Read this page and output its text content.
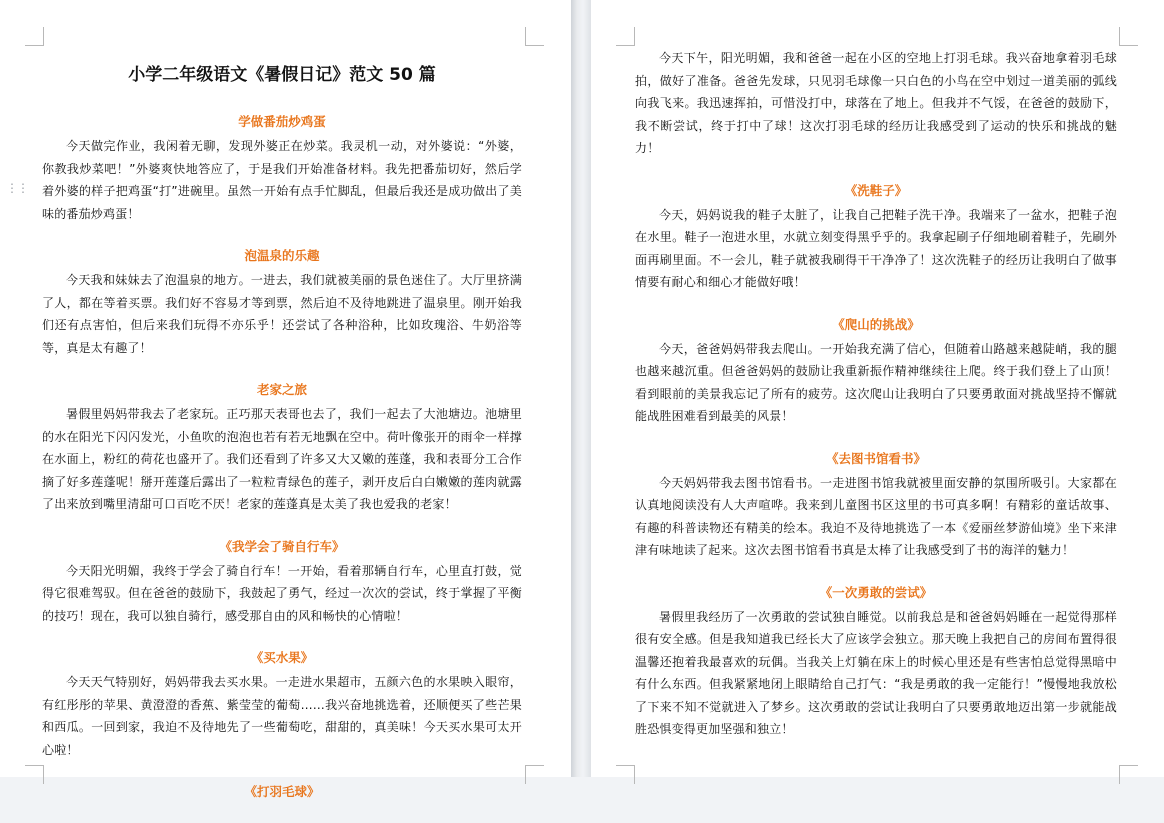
⋮⋮
小学二年级语文《暑假日记》范文 50 篇
学做番茄炒鸡蛋

今天做完作业，我闲着无聊，发现外婆正在炒菜。我灵机一动，对外婆说：“外婆，你教我炒菜吧！”外婆爽快地答应了，于是我们开始准备材料。我先把番茄切好，然后学着外婆的样子把鸡蛋“打”进碗里。虽然一开始有点手忙脚乱，但最后我还是成功做出了美味的番茄炒鸡蛋！

泡温泉的乐趣

今天我和妹妹去了泡温泉的地方。一进去，我们就被美丽的景色迷住了。大厅里挤满了人，都在等着买票。我们好不容易才等到票，然后迫不及待地跳进了温泉里。刚开始我们还有点害怕，但后来我们玩得不亦乐乎！还尝试了各种浴种，比如玫瑰浴、牛奶浴等等，真是太有趣了！

老家之旅

暑假里妈妈带我去了老家玩。正巧那天表哥也去了，我们一起去了大池塘边。池塘里的水在阳光下闪闪发光，小鱼吹的泡泡也若有若无地飘在空中。荷叶像张开的雨伞一样撑在水面上，粉红的荷花也盛开了。我们还看到了许多又大又嫩的莲蓬，我和表哥分工合作摘了好多莲蓬呢！掰开莲蓬后露出了一粒粒青绿色的莲子，剥开皮后白白嫩嫩的莲肉就露了出来放到嘴里清甜可口百吃不厌！老家的莲蓬真是太美了我也爱我的老家！

《我学会了骑自行车》

今天阳光明媚，我终于学会了骑自行车！一开始，看着那辆自行车，心里直打鼓，觉得它很难驾驭。但在爸爸的鼓励下，我鼓起了勇气，经过一次次的尝试，终于掌握了平衡的技巧！现在，我可以独自骑行，感受那自由的风和畅快的心情啦！

《买水果》

今天天气特别好，妈妈带我去买水果。一走进水果超市，五颜六色的水果映入眼帘，有红彤彤的苹果、黄澄澄的香蕉、紫莹莹的葡萄……我兴奋地挑选着，还顺便买了些芒果和西瓜。一回到家，我迫不及待地先了一些葡萄吃，甜甜的，真美味！今天买水果可太开心啦！

《打羽毛球》

今天下午，阳光明媚，我和爸爸一起在小区的空地上打羽毛球。我兴奋地拿着羽毛球拍，做好了准备。爸爸先发球，只见羽毛球像一只白色的小鸟在空中划过一道美丽的弧线向我飞来。我迅速挥拍，可惜没打中，球落在了地上。但我并不气馁，在爸爸的鼓励下，我不断尝试，终于打中了球！这次打羽毛球的经历让我感受到了运动的快乐和挑战的魅力！

《洗鞋子》

今天，妈妈说我的鞋子太脏了，让我自己把鞋子洗干净。我端来了一盆水，把鞋子泡在水里。鞋子一泡进水里，水就立刻变得黑乎乎的。我拿起刷子仔细地刷着鞋子，先刷外面再刷里面。不一会儿，鞋子就被我刷得干干净净了！这次洗鞋子的经历让我明白了做事情要有耐心和细心才能做好哦！

《爬山的挑战》

今天，爸爸妈妈带我去爬山。一开始我充满了信心，但随着山路越来越陡峭，我的腿也越来越沉重。但爸爸妈妈的鼓励让我重新振作精神继续往上爬。终于我们登上了山顶！看到眼前的美景我忘记了所有的疲劳。这次爬山让我明白了只要勇敢面对挑战坚持不懈就能战胜困难看到最美的风景！

《去图书馆看书》

今天妈妈带我去图书馆看书。一走进图书馆我就被里面安静的氛围所吸引。大家都在认真地阅读没有人大声喧哗。我来到儿童图书区这里的书可真多啊！有精彩的童话故事、有趣的科普读物还有精美的绘本。我迫不及待地挑选了一本《爱丽丝梦游仙境》坐下来津津有味地读了起来。这次去图书馆看书真是太棒了让我感受到了书的海洋的魅力！

《一次勇敢的尝试》

暑假里我经历了一次勇敢的尝试独自睡觉。以前我总是和爸爸妈妈睡在一起觉得那样很有安全感。但是我知道我已经长大了应该学会独立。那天晚上我把自己的房间布置得很温馨还抱着我最喜欢的玩偶。当我关上灯躺在床上的时候心里还是有些害怕总觉得黑暗中有什么东西。但我紧紧地闭上眼睛给自己打气：“我是勇敢的我一定能行！”慢慢地我放松了下来不知不觉就进入了梦乡。这次勇敢的尝试让我明白了只要勇敢地迈出第一步就能战胜恐惧变得更加坚强和独立！
